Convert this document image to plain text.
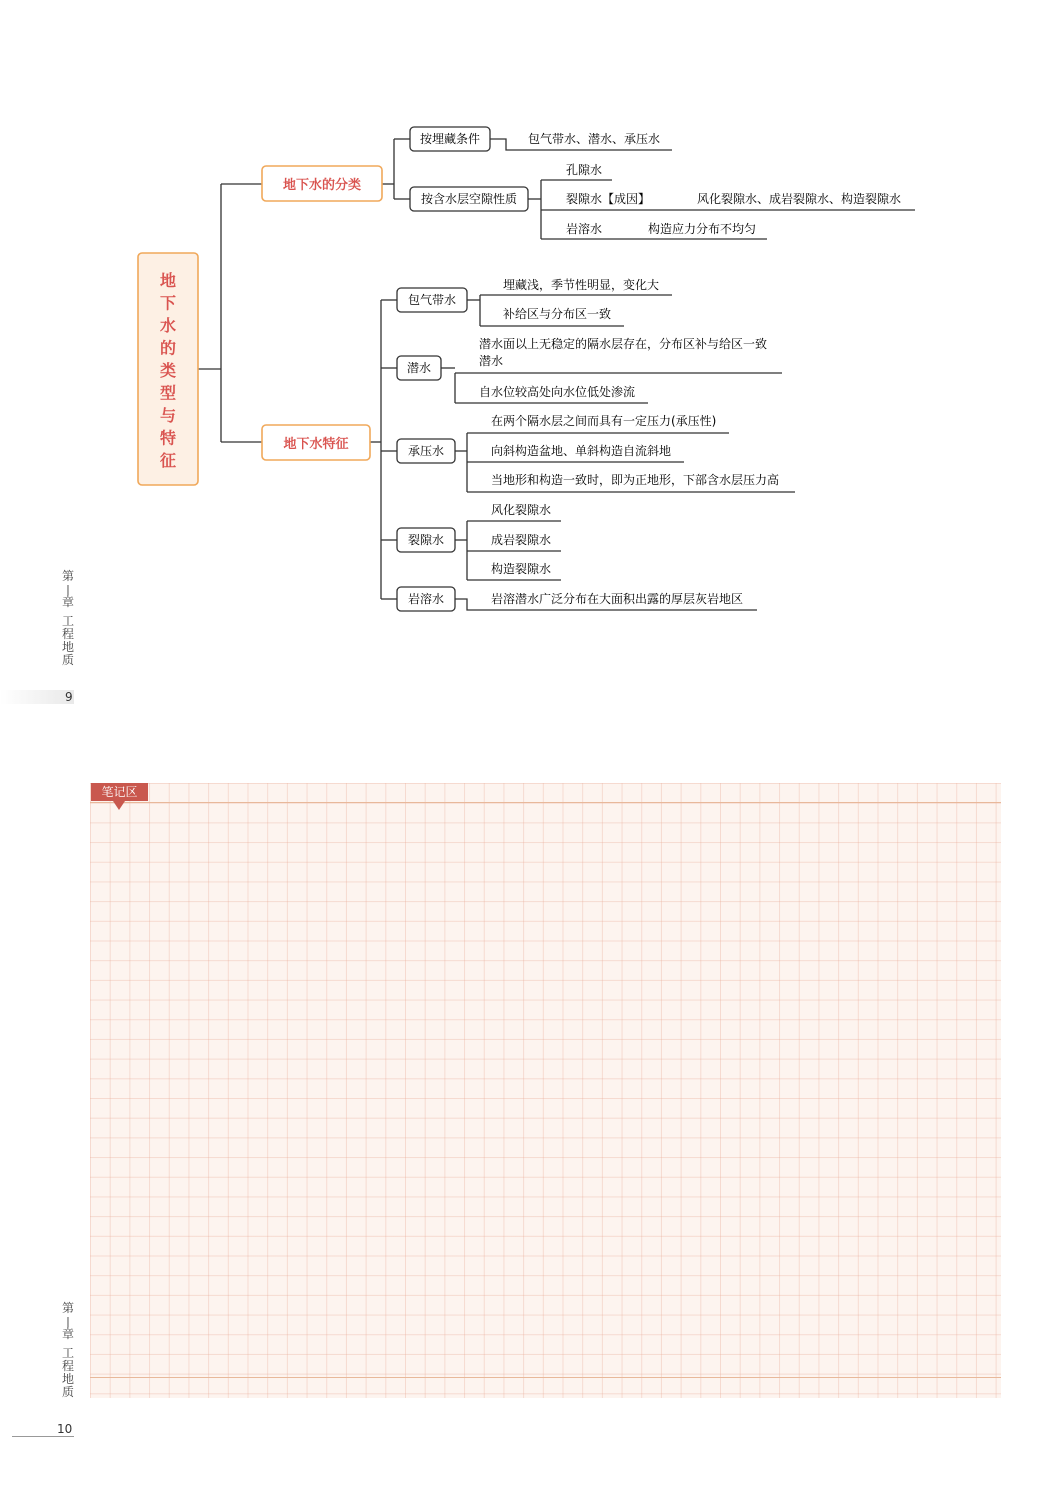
地下水的类型与特征
地下水的分类
地下水特征
按埋藏条件
按含水层空隙性质
包气带水、潜水、承压水
孔隙水
裂隙水【成因】	风化裂隙水、成岩裂隙水、构造裂隙水
岩溶水	构造应力分布不均匀
包气带水
潜水
承压水
裂隙水
岩溶水
埋藏浅，季节性明显，变化大
补给区与分布区一致
潜水面以上无稳定的隔水层存在，分布区补与给区一致潜水
自水位较高处向水位低处渗流
在两个隔水层之间而具有一定压力(承压性)
向斜构造盆地、单斜构造自流斜地
当地形和构造一致时，即为正地形，下部含水层压力高
风化裂隙水
成岩裂隙水
构造裂隙水
岩溶潜水广泛分布在大面积出露的厚层灰岩地区
第
|
章
工
程
地
质
9
笔记区
第
|
章
工
程
地
质
10
